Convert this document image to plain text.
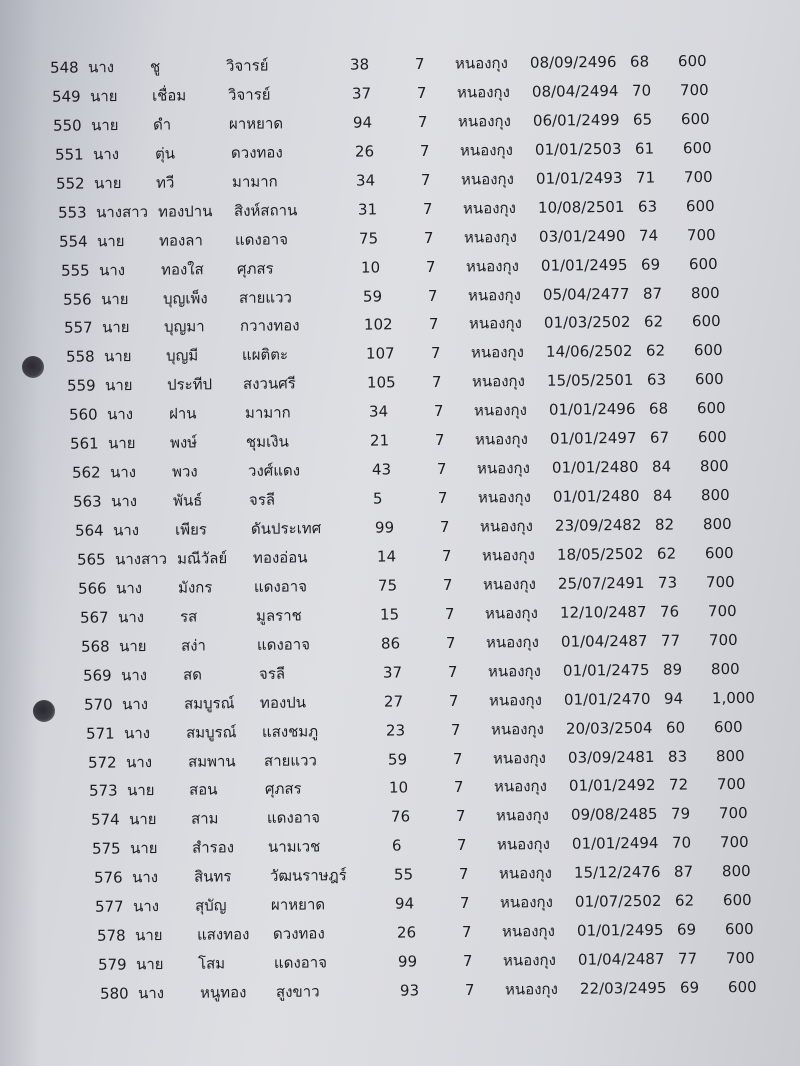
548 นาง ชู	วิจารย์	38	7 หนองกุง 08/09/2496 68 600
549 นาย เชื่อม	วิจารย์	37	7 หนองกุง 08/04/2494 70 700
550 นาย ดำ	ผาหยาด	94	7 หนองกุง 06/01/2499 65 600
551 นาง ตุ่น	ดวงทอง	26	7 หนองกุง 01/01/2503 61 600
552 นาย ทวี	มามาก	34	7 หนองกุง 01/01/2493 71 700
553 นางสาว ทองปาน สิงห์สถาน	31	7 หนองกุง 10/08/2501 63 600
554 นาย ทองลา แดงอาจ	75	7 หนองกุง 03/01/2490 74 700
555 นาง ทองใส ศุภสร	10	7 หนองกุง 01/01/2495 69 600
556 นาย บุญเพ็ง สายแวว	59	7 หนองกุง 05/04/2477 87 800
557 นาย บุญมา กวางทอง	102 7 หนองกุง 01/03/2502 62 600
558 นาย บุญมี	แผติตะ	107 7 หนองกุง 14/06/2502 62 600
559 นาย ประทีป สงวนศรี	105 7 หนองกุง 15/05/2501 63 600
560 นาง ฝาน	มามาก	34	7 หนองกุง 01/01/2496 68 600
561 นาย พงษ์	ชุมเงิน	21	7 หนองกุง 01/01/2497 67 600
562 นาง พวง	วงศ์แดง	43	7 หนองกุง 01/01/2480 84 800
563 นาง พันธ์	จรลี	5	7 หนองกุง 01/01/2480 84 800
564 นาง เพียร	ดันประเทศ	99	7 หนองกุง 23/09/2482 82 800
565 นางสาว มณีวัลย์ ทองอ่อน	14	7 หนองกุง 18/05/2502 62 600
566 นาง มังกร	แดงอาจ	75	7 หนองกุง 25/07/2491 73 700
567 นาง รส	มูลราช	15	7 หนองกุง 12/10/2487 76 700
568 นาย สง่า	แดงอาจ	86	7 หนองกุง 01/04/2487 77 700
569 นาง สด	จรลี	37	7 หนองกุง 01/01/2475 89 800
570 นาง สมบูรณ์ ทองปน	27	7 หนองกุง 01/01/2470 94 1,000
571 นาง สมบูรณ์ แสงชมภู	23	7 หนองกุง 20/03/2504 60 600
572 นาง สมพาน สายแวว	59	7 หนองกุง 03/09/2481 83 800
573 นาย สอน	ศุภสร	10	7 หนองกุง 01/01/2492 72 700
574 นาย สาม	แดงอาจ	76	7 หนองกุง 09/08/2485 79 700
575 นาย สำรอง นามเวช	6	7 หนองกุง 01/01/2494 70 700
576 นาง สินทร	วัฒนราษฎร์	55	7 หนองกุง 15/12/2476 87 800
577 นาง สุบัญ	ผาหยาด	94	7 หนองกุง 01/07/2502 62 600
578 นาย แสงทอง ดวงทอง	26	7 หนองกุง 01/01/2495 69 600
579 นาย โสม	แดงอาจ	99	7 หนองกุง 01/04/2487 77 700
580 นาง หนูทอง สูงขาว	93	7 หนองกุง 22/03/2495 69 600
